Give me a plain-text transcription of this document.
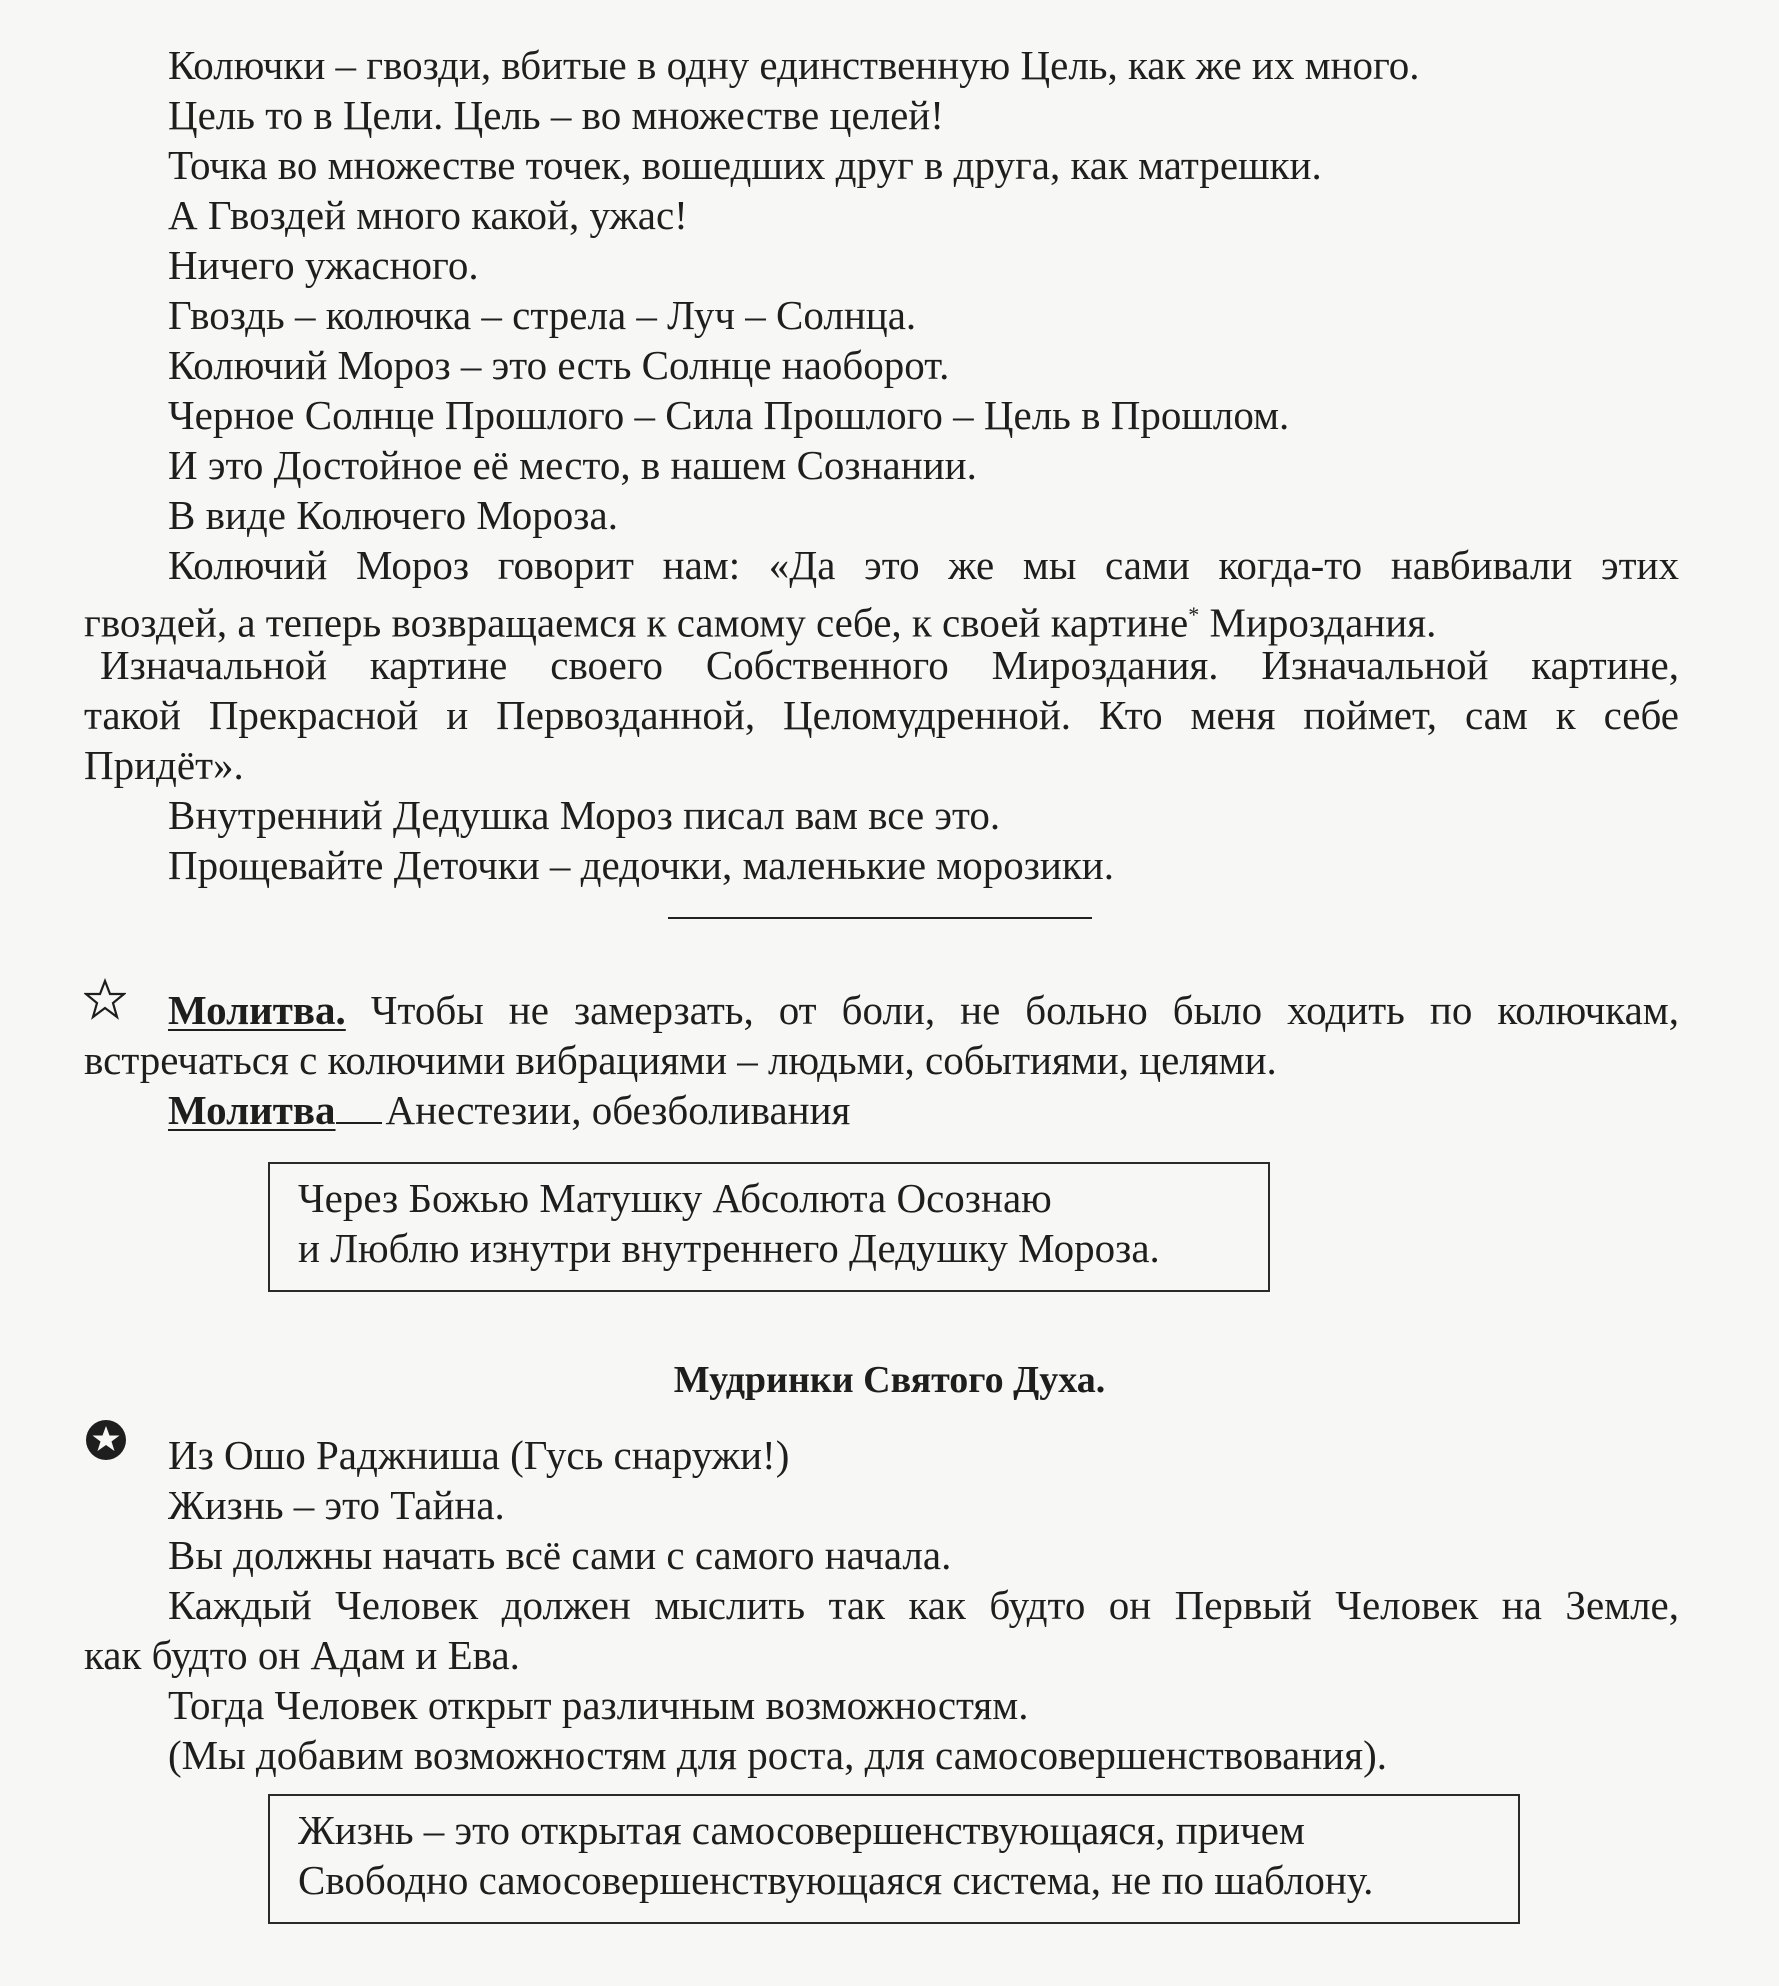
Колючки – гвозди, вбитые в одну единственную Цель, как же их много.
Цель то в Цели. Цель – во множестве целей!
Точка во множестве точек, вошедших друг в друга, как матрешки.
А Гвоздей много какой, ужас!
Ничего ужасного.
Гвоздь – колючка – стрела – Луч – Солнца.
Колючий Мороз – это есть Солнце наоборот.
Черное Солнце Прошлого – Сила Прошлого – Цель в Прошлом.
И это Достойное её место, в нашем Сознании.
В виде Колючего Мороза.
Колючий Мороз говорит нам: «Да это же мы сами когда-то навбивали этих
гвоздей, а теперь возвращаемся к самому себе, к своей картине* Мироздания.
Изначальной картине своего Собственного Мироздания. Изначальной картине,
такой Прекрасной и Первозданной, Целомудренной. Кто меня поймет, сам к себе
Придёт».
Внутренний Дедушка Мороз писал вам все это.
Прощевайте Деточки – дедочки, маленькие морозики.
Молитва. Чтобы не замерзать, от боли, не больно было ходить по колючкам,
встречаться с колючими вибрациями – людьми, событиями, целями.
Молитва Анестезии, обезболивания
Через Божью Матушку Абсолюта Осознаю
и Люблю изнутри внутреннего Дедушку Мороза.
Мудринки Святого Духа.
Из Ошо Раджниша (Гусь снаружи!)
Жизнь – это Тайна.
Вы должны начать всё сами с самого начала.
Каждый Человек должен мыслить так как будто он Первый Человек на Земле,
как будто он Адам и Ева.
Тогда Человек открыт различным возможностям.
(Мы добавим возможностям для роста, для самосовершенствования).
Жизнь – это открытая самосовершенствующаяся, причем
Свободно самосовершенствующаяся система, не по шаблону.
